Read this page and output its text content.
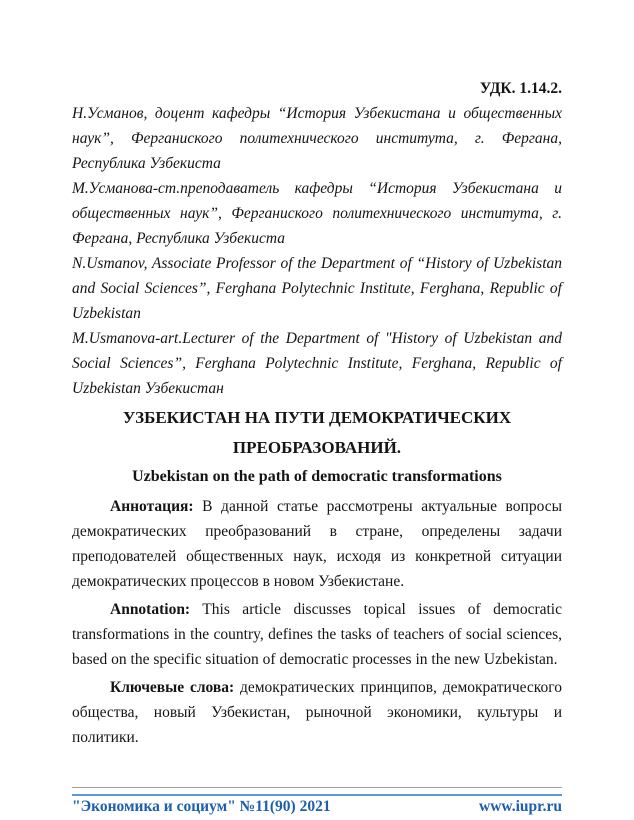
УДК. 1.14.2.

Н.Усманов, доцент кафедры “История Узбекистана и общественных наук”, Ферганиского политехнического института, г. Фергана, Республика Узбекиста

М.Усманова-ст.преподаватель кафедры “История Узбекистана и общественных наук”, Ферганиского политехнического института, г. Фергана, Республика Узбекиста

N.Usmanov, Associate Professor of the Department of “History of Uzbekistan and Social Sciences”, Ferghana Polytechnic Institute, Ferghana, Republic of Uzbekistan

M.Usmanova-art.Lecturer of the Department of "History of Uzbekistan and Social Sciences”, Ferghana Polytechnic Institute, Ferghana, Republic of Uzbekistan Узбекистан

УЗБЕКИСТАН НА ПУТИ ДЕМОКРАТИЧЕСКИХ ПРЕОБРАЗОВАНИЙ.
Uzbekistan on the path of democratic transformations

Аннотация: В данной статье рассмотрены актуальные вопросы демократических преобразований в стране, определены задачи преподователей общественных наук, исходя из конкретной ситуации демократических процессов в новом Узбекистане.

Annotation: This article discusses topical issues of democratic transformations in the country, defines the tasks of teachers of social sciences, based on the specific situation of democratic processes in the new Uzbekistan.

Ключевые слова: демократических принципов, демократического общества, новый Узбекистан, рыночной экономики, культуры и политики.

"Экономика и социум" №11(90) 2021	www.iupr.ru
